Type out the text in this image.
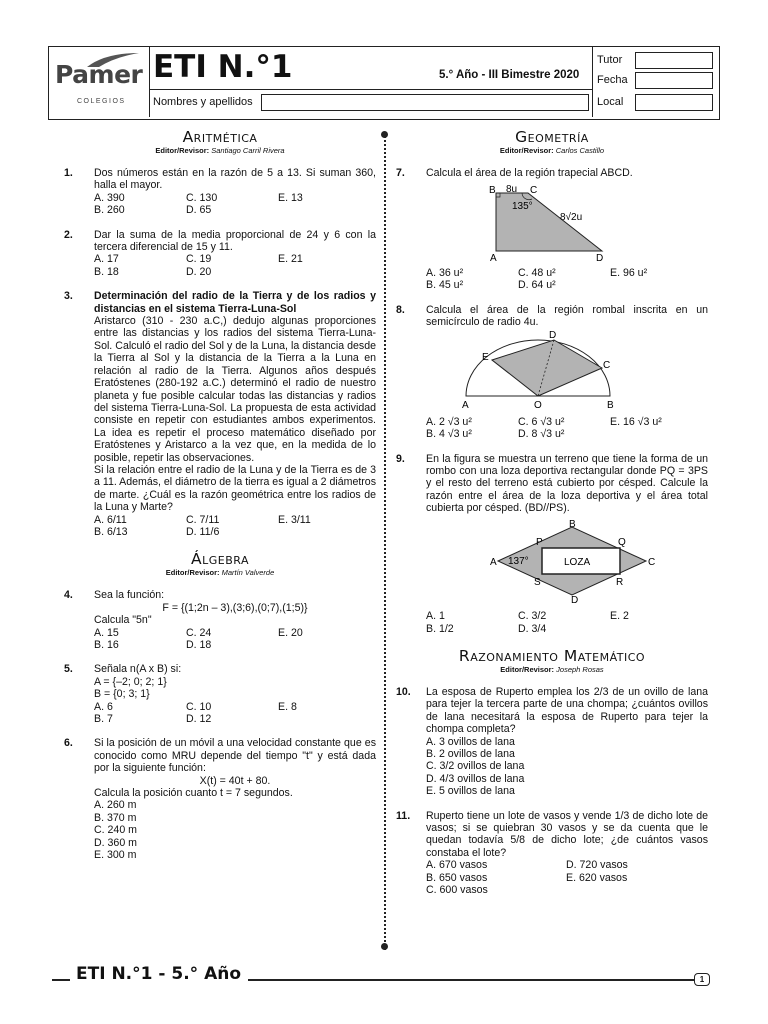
Pamer
COLEGIOS
ETI N.°1	5.° Año - III Bimestre 2020
Nombres y apellidos
Tutor
Fecha
Local
Aritmética
Editor/Revisor: Santiago Carril Rivera
1. Dos números están en la razón de 5 a 13. Si suman 360, halla el mayor.
A. 390	C. 130	E. 13
B. 260	D. 65
2. Dar la suma de la media proporcional de 24 y 6 con la tercera diferencial de 15 y 11.
A. 17	C. 19	E. 21
B. 18	D. 20
3. Determinación del radio de la Tierra y de los radios y distancias en el sistema Tierra-Luna-Sol
Aristarco (310 - 230 a.C,) dedujo algunas proporciones entre las distancias y los radios del sistema Tierra-Luna-Sol. Calculó el radio del Sol y de la Luna, la distancia desde la Tierra al Sol y la distancia de la Tierra a la Luna en relación al radio de la Tierra. Algunos años después Eratóstenes (280-192 a.C.) determinó el radio de nuestro planeta y fue posible calcular todas las distancias y radios del sistema Tierra-Luna-Sol. La propuesta de esta actividad consiste en repetir con estudiantes ambos experimentos. La idea es repetir el proceso matemático diseñado por Eratóstenes y Aristarco a la vez que, en la medida de lo posible, repetir las observaciones.
Si la relación entre el radio de la Luna y de la Tierra es de 3 a 11. Además, el diámetro de la tierra es igual a 2 diámetros de marte. ¿Cuál es la razón geométrica entre los radios de la Luna y Marte?
A. 6/11	C. 7/11	E. 3/11
B. 6/13	D. 11/6
Álgebra
Editor/Revisor: Martín Valverde
4. Sea la función:
F = {(1;2n – 3),(3;6),(0;7),(1;5)}
Calcula "5n"
A. 15	C. 24	E. 20
B. 16	D. 18
5. Señala n(A x B) si:
A = {–2; 0; 2; 1}
B = {0; 3; 1}
A. 6	C. 10	E. 8
B. 7	D. 12
6. Si la posición de un móvil a una velocidad constante que es conocido como MRU depende del tiempo "t" y está dada por la siguiente función:
X(t) = 40t + 80.
Calcula la posición cuanto t = 7 segundos.
A. 260 m
B. 370 m
C. 240 m
D. 360 m
E. 300 m
Geometría
Editor/Revisor: Carlos Castillo
7. Calcula el área de la región trapecial ABCD.
B	C
A	D
8u
135°
8√2u
A. 36 u²	C. 48 u²	E. 96 u²
B. 45 u²	D. 64 u²
8. Calcula el área de la región rombal inscrita en un semicírculo de radio 4u.
D
E
C
A	O	B
A. 2 √3 u²	C. 6 √3 u²	E. 16 √3 u²
B. 4 √3 u²	D. 8 √3 u²
9. En la figura se muestra un terreno que tiene la forma de un rombo con una loza deportiva rectangular donde PQ = 3PS y el resto del terreno está cubierto por césped. Calcule la razón entre el área de la loza deportiva y el área total cubierta por césped. (BD//PS).
B
P	Q
A	C
S	R
D
137°	LOZA
A. 1	C. 3/2	E. 2
B. 1/2	D. 3/4
Razonamiento Matemático
Editor/Revisor: Joseph Rosas
10. La esposa de Ruperto emplea los 2/3 de un ovillo de lana para tejer la tercera parte de una chompa; ¿cuántos ovillos de lana necesitará la esposa de Ruperto para tejer la chompa completa?
A. 3 ovillos de lana
B. 2 ovillos de lana
C. 3/2 ovillos de lana
D. 4/3 ovillos de lana
E. 5 ovillos de lana
11. Ruperto tiene un lote de vasos y vende 1/3 de dicho lote de vasos; si se quiebran 30 vasos y se da cuenta que le quedan todavía 5/8 de dicho lote; ¿de cuántos vasos constaba el lote?
A. 670 vasos	D. 720 vasos
B. 650 vasos	E. 620 vasos
C. 600 vasos
ETI N.°1 - 5.° Año	1
